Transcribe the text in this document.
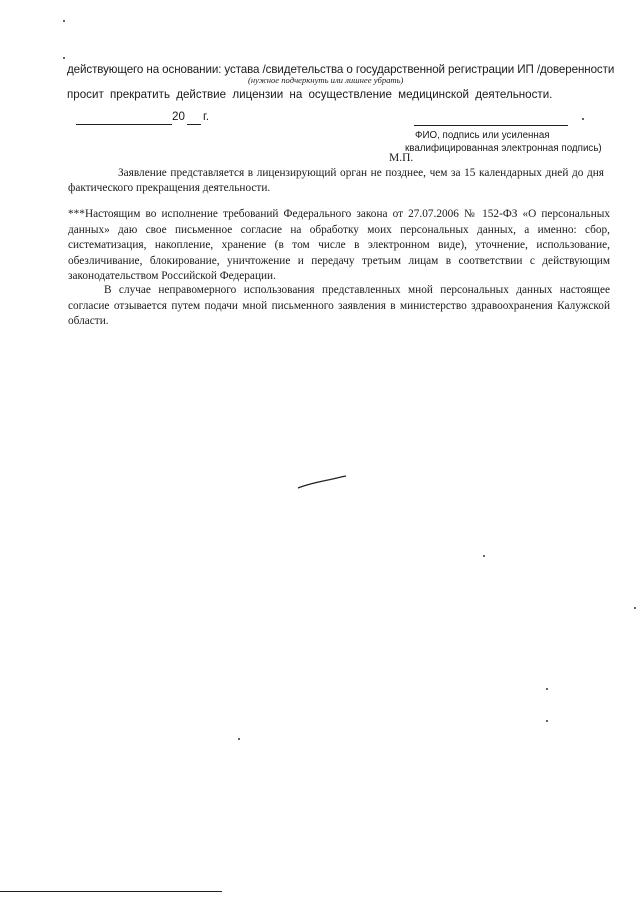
действующего на основании: устава /свидетельства о государственной регистрации ИП /доверенности
(нужное подчеркнуть или лишнее убрать)
просит прекратить действие лицензии на осуществление медицинской деятельности.
20 г.
ФИО, подпись или усиленная
квалифицированная электронная подпись)
М.П.
Заявление представляется в лицензирующий орган не позднее, чем за 15 календарных дней до дня фактического прекращения деятельности.
***Настоящим во исполнение требований Федерального закона от 27.07.2006 № 152-ФЗ «О персональных данных» даю свое письменное согласие на обработку моих персональных данных, а именно: сбор, систематизация, накопление, хранение (в том числе в электронном виде), уточнение, использование, обезличивание, блокирование, уничтожение и передачу третьим лицам в соответствии с действующим законодательством Российской Федерации.
В случае неправомерного использования представленных мной персональных данных настоящее согласие отзывается путем подачи мной письменного заявления в министерство здравоохранения Калужской области.
